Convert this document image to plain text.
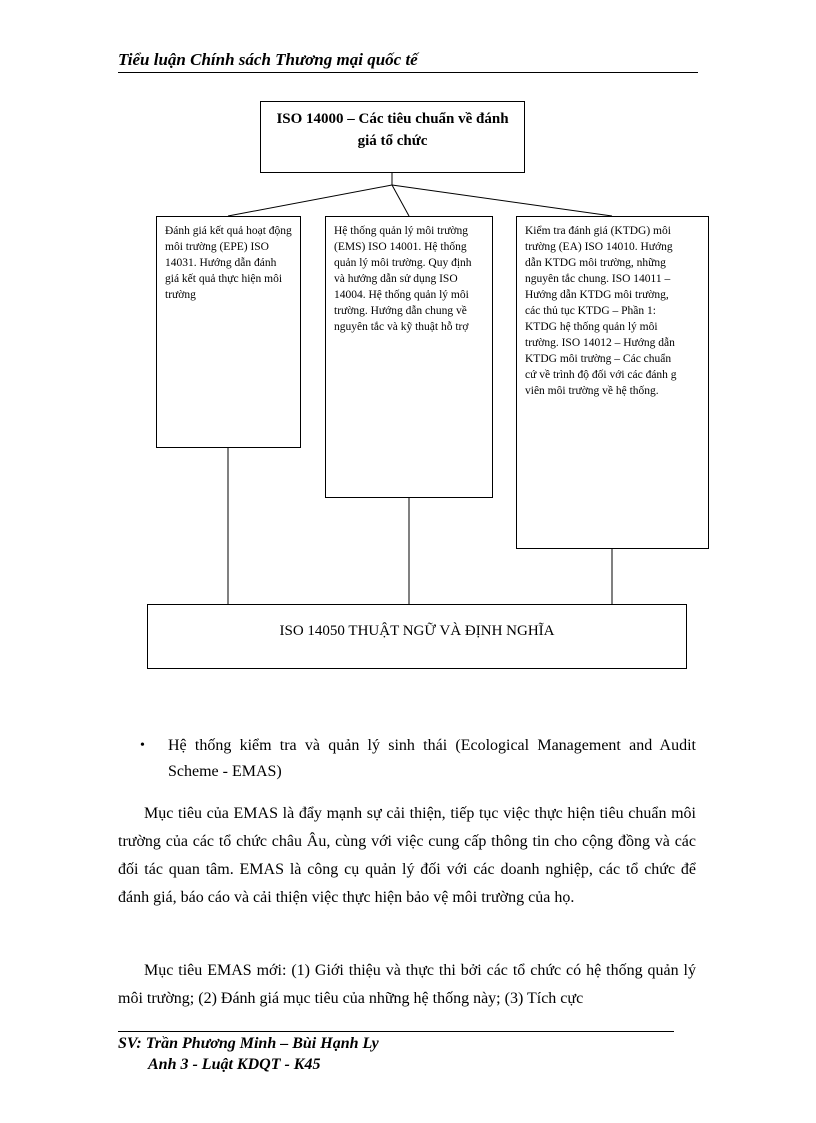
Tiểu luận Chính sách Thương mại quốc tế
ISO 14000 – Các tiêu chuẩn về đánh giá tổ chức
Đánh giá kết quả hoạt động môi trường (EPE) ISO 14031. Hướng dẫn đánh giá kết quả thực hiện môi trường
Hệ thống quản lý môi trường (EMS) ISO 14001. Hệ thống quản lý môi trường. Quy định và hướng dẫn sử dụng ISO 14004. Hệ thống quản lý môi trường. Hướng dẫn chung về nguyên tắc và kỹ thuật hỗ trợ
Kiểm tra đánh giá (KTDG) môi
trường (EA) ISO 14010. Hướng
dẫn KTDG môi trường, những
nguyên tắc chung. ISO 14011 –
Hướng dẫn KTDG môi trường,
các thủ tục KTDG – Phần 1:
KTDG hệ thống quản lý môi
trường. ISO 14012 – Hướng dẫn
KTDG môi trường – Các chuẩn
cứ về trình độ đối với các đánh g
viên môi trường về hệ thống.
ISO 14050 THUẬT NGỮ VÀ ĐỊNH NGHĨA
• Hệ thống kiểm tra và quản lý sinh thái (Ecological Management and Audit Scheme - EMAS)
Mục tiêu của EMAS là đẩy mạnh sự cải thiện, tiếp tục việc thực hiện tiêu chuẩn môi trường của các tổ chức châu Âu, cùng với việc cung cấp thông tin cho cộng đồng và các đối tác quan tâm. EMAS là công cụ quản lý đối với các doanh nghiệp, các tổ chức để đánh giá, báo cáo và cải thiện việc thực hiện bảo vệ môi trường của họ.
Mục tiêu EMAS mới: (1) Giới thiệu và thực thi bởi các tổ chức có hệ thống quản lý môi trường; (2) Đánh giá mục tiêu của những hệ thống này; (3) Tích cực
SV: Trần Phương Minh – Bùi Hạnh Ly
Anh 3 - Luật KDQT - K45
